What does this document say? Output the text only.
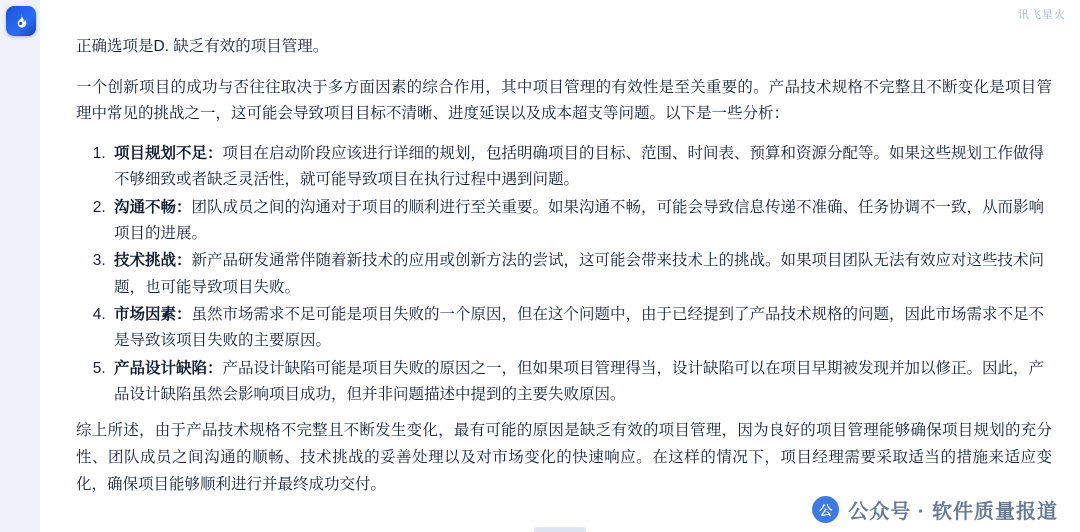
讯飞星火

正确选项是D. 缺乏有效的项目管理。

一个创新项目的成功与否往往取决于多方面因素的综合作用，其中项目管理的有效性是至关重要的。产品技术规格不完整且不断变化是项目管理中常见的挑战之一，这可能会导致项目目标不清晰、进度延误以及成本超支等问题。以下是一些分析：

1. 项目规划不足：项目在启动阶段应该进行详细的规划，包括明确项目的目标、范围、时间表、预算和资源分配等。如果这些规划工作做得不够细致或者缺乏灵活性，就可能导致项目在执行过程中遇到问题。
2. 沟通不畅：团队成员之间的沟通对于项目的顺利进行至关重要。如果沟通不畅，可能会导致信息传递不准确、任务协调不一致，从而影响项目的进展。
3. 技术挑战：新产品研发通常伴随着新技术的应用或创新方法的尝试，这可能会带来技术上的挑战。如果项目团队无法有效应对这些技术问题，也可能导致项目失败。
4. 市场因素：虽然市场需求不足可能是项目失败的一个原因，但在这个问题中，由于已经提到了产品技术规格的问题，因此市场需求不足不是导致该项目失败的主要原因。
5. 产品设计缺陷：产品设计缺陷可能是项目失败的原因之一，但如果项目管理得当，设计缺陷可以在项目早期被发现并加以修正。因此，产品设计缺陷虽然会影响项目成功，但并非问题描述中提到的主要失败原因。

综上所述，由于产品技术规格不完整且不断发生变化，最有可能的原因是缺乏有效的项目管理，因为良好的项目管理能够确保项目规划的充分性、团队成员之间沟通的顺畅、技术挑战的妥善处理以及对市场变化的快速响应。在这样的情况下，项目经理需要采取适当的措施来适应变化，确保项目能够顺利进行并最终成功交付。

公 公众号 · 软件质量报道
